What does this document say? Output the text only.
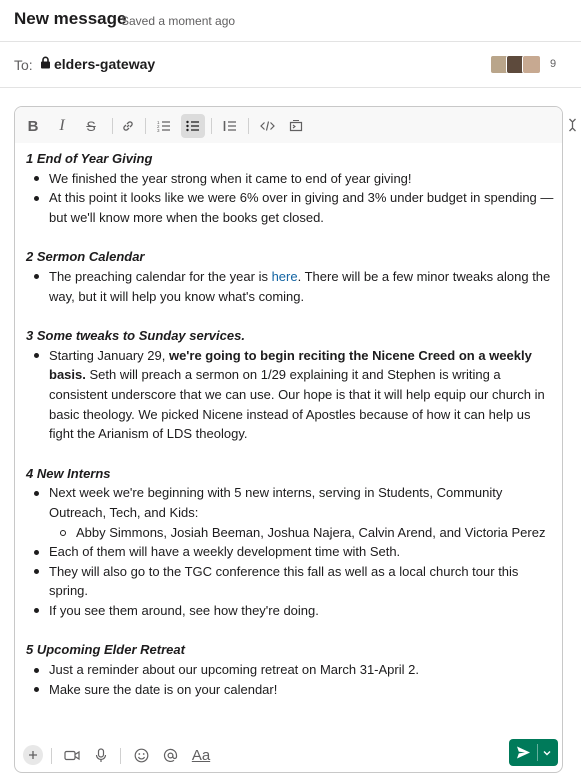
New message
Saved a moment ago
To: elders-gateway	9
B I S	1
2
3

1 End of Year Giving

We finished the year strong when it came to end of year giving!
At this point it looks like we were 6% over in giving and 3% under budget in spending — but we'll know more when the books get closed.

2 Sermon Calendar

The preaching calendar for the year is here. There will be a few minor tweaks along the way, but it will help you know what's coming.

3 Some tweaks to Sunday services.

Starting January 29, we're going to begin reciting the Nicene Creed on a weekly basis. Seth will preach a sermon on 1/29 explaining it and Stephen is writing a consistent underscore that we can use. Our hope is that it will help equip our church in basic theology. We picked Nicene instead of Apostles because of how it can help us fight the Arianism of LDS theology.

4 New Interns

Next week we're beginning with 5 new interns, serving in Students, Community Outreach, Tech, and Kids:
Abby Simmons, Josiah Beeman, Joshua Najera, Calvin Arend, and Victoria Perez
Each of them will have a weekly development time with Seth.
They will also go to the TGC conference this fall as well as a local church tour this spring.
If you see them around, see how they're doing.

5 Upcoming Elder Retreat

Just a reminder about our upcoming retreat on March 31-April 2.
Make sure the date is on your calendar!
Aa
